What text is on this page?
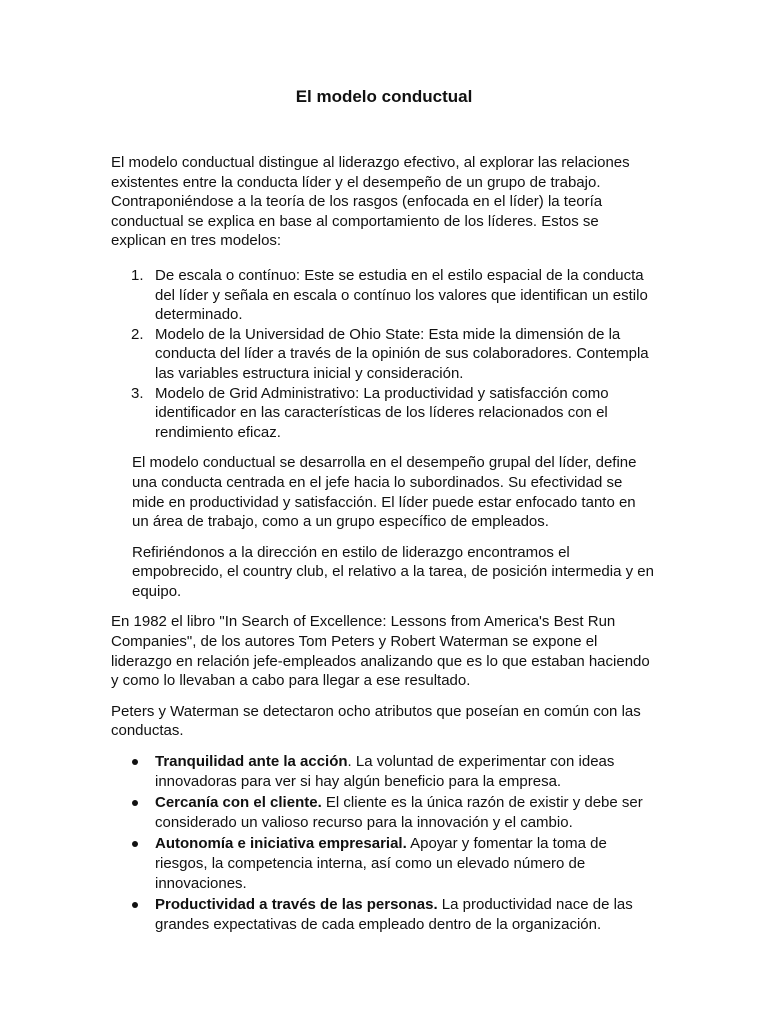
El modelo conductual

El modelo conductual distingue al liderazgo efectivo, al explorar las relaciones existentes entre la conducta líder y el desempeño de un grupo de trabajo. Contraponiéndose a la teoría de los rasgos (enfocada en el líder) la teoría conductual se explica en base al comportamiento de los líderes. Estos se explican en tres modelos:

1. De escala o contínuo: Este se estudia en el estilo espacial de la conducta del líder y señala en escala o contínuo los valores que identifican un estilo determinado.
2. Modelo de la Universidad de Ohio State: Esta mide la dimensión de la conducta del líder a través de la opinión de sus colaboradores. Contempla las variables estructura inicial y consideración.
3. Modelo de Grid Administrativo: La productividad y satisfacción como identificador en las características de los líderes relacionados con el rendimiento eficaz.

El modelo conductual se desarrolla en el desempeño grupal del líder, define una conducta centrada en el jefe hacia lo subordinados. Su efectividad se mide en productividad y satisfacción. El líder puede estar enfocado tanto en un área de trabajo, como a un grupo específico de empleados.

Refiriéndonos a la dirección en estilo de liderazgo encontramos el empobrecido, el country club, el relativo a la tarea, de posición intermedia y en equipo.

En 1982 el libro "In Search of Excellence: Lessons from America's Best Run Companies", de los autores Tom Peters y Robert Waterman se expone el liderazgo en relación jefe-empleados analizando que es lo que estaban haciendo y como lo llevaban a cabo para llegar a ese resultado.

Peters y Waterman se detectaron ocho atributos que poseían en común con las conductas.

Tranquilidad ante la acción. La voluntad de experimentar con ideas innovadoras para ver si hay algún beneficio para la empresa.
Cercanía con el cliente. El cliente es la única razón de existir y debe ser considerado un valioso recurso para la innovación y el cambio.
Autonomía e iniciativa empresarial. Apoyar y fomentar la toma de riesgos, la competencia interna, así como un elevado número de innovaciones.
Productividad a través de las personas. La productividad nace de las grandes expectativas de cada empleado dentro de la organización.
